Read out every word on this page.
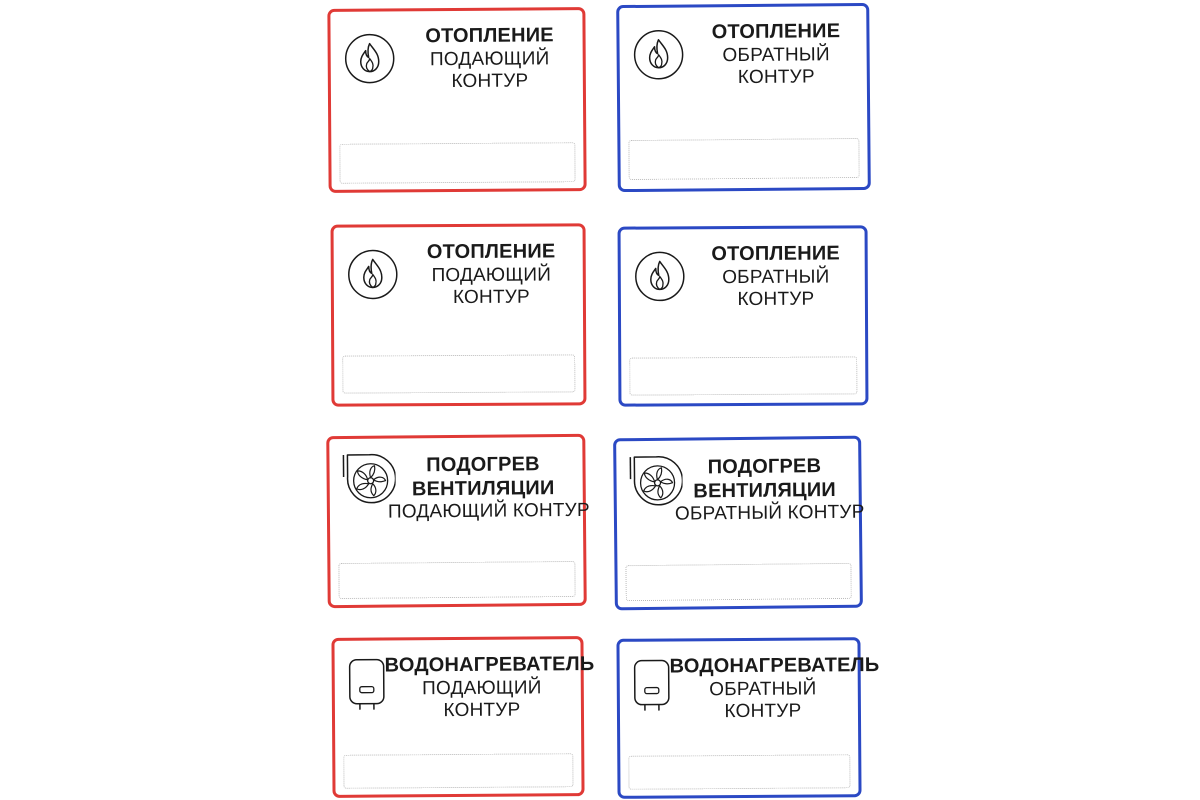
ОТОПЛЕНИЕ
ПОДАЮЩИЙ
КОНТУР
ОТОПЛЕНИЕ
ОБРАТНЫЙ
КОНТУР
ОТОПЛЕНИЕ
ПОДАЮЩИЙ
КОНТУР
ОТОПЛЕНИЕ
ОБРАТНЫЙ
КОНТУР
ПОДОГРЕВ
ВЕНТИЛЯЦИИ
ПОДАЮЩИЙ КОНТУР
ПОДОГРЕВ
ВЕНТИЛЯЦИИ
ОБРАТНЫЙ КОНТУР
ВОДОНАГРЕВАТЕЛЬ
ПОДАЮЩИЙ
КОНТУР
ВОДОНАГРЕВАТЕЛЬ
ОБРАТНЫЙ
КОНТУР
